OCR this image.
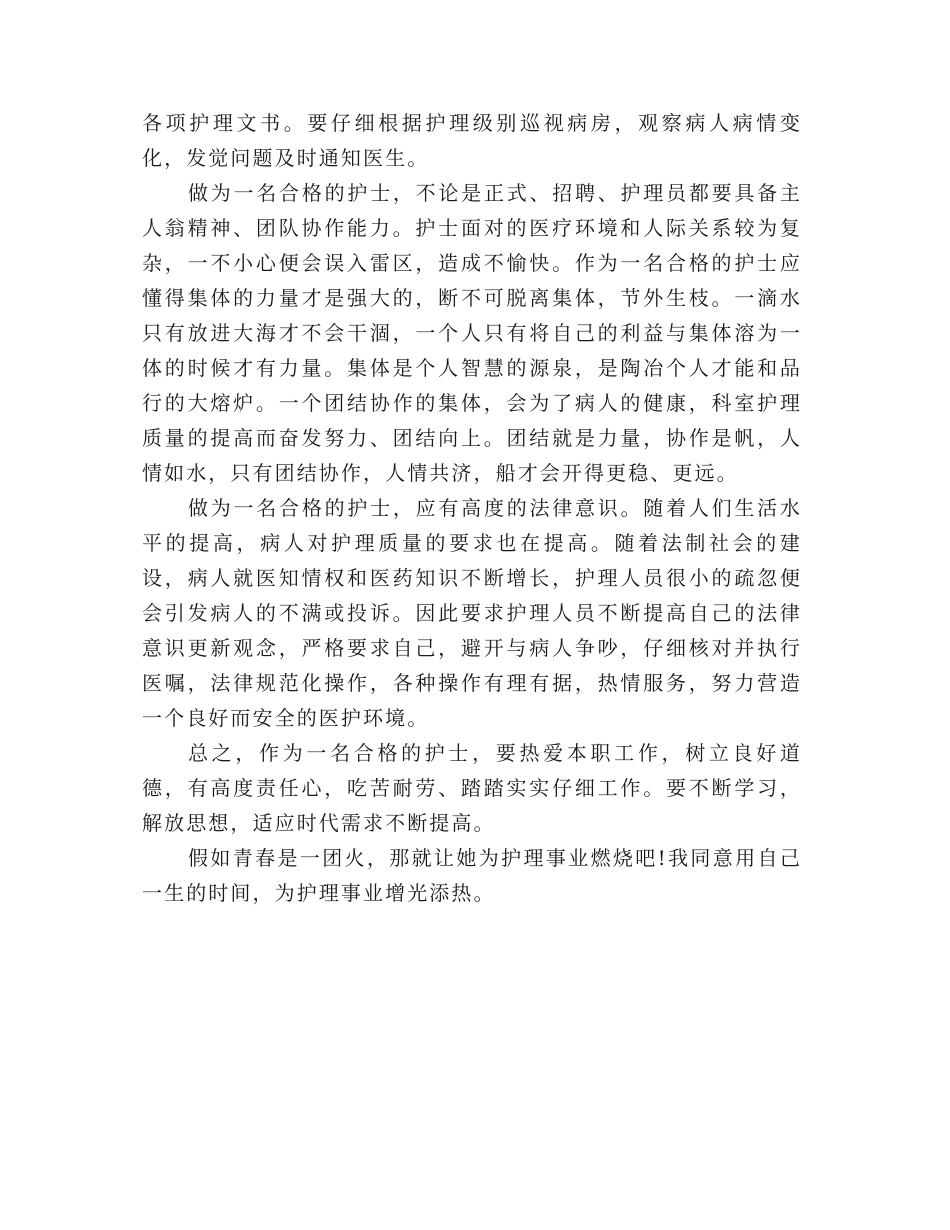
各项护理文书。要仔细根据护理级别巡视病房，观察病人病情变化，发觉问题及时通知医生。

做为一名合格的护士，不论是正式、招聘、护理员都要具备主人翁精神、团队协作能力。护士面对的医疗环境和人际关系较为复杂，一不小心便会误入雷区，造成不愉快。作为一名合格的护士应懂得集体的力量才是强大的，断不可脱离集体，节外生枝。一滴水只有放进大海才不会干涸，一个人只有将自己的利益与集体溶为一体的时候才有力量。集体是个人智慧的源泉，是陶冶个人才能和品行的大熔炉。一个团结协作的集体，会为了病人的健康，科室护理质量的提高而奋发努力、团结向上。团结就是力量，协作是帆，人情如水，只有团结协作，人情共济，船才会开得更稳、更远。

做为一名合格的护士，应有高度的法律意识。随着人们生活水平的提高，病人对护理质量的要求也在提高。随着法制社会的建设，病人就医知情权和医药知识不断增长，护理人员很小的疏忽便会引发病人的不满或投诉。因此要求护理人员不断提高自己的法律意识更新观念，严格要求自己，避开与病人争吵，仔细核对并执行医嘱，法律规范化操作，各种操作有理有据，热情服务，努力营造一个良好而安全的医护环境。

总之，作为一名合格的护士，要热爱本职工作，树立良好道德，有高度责任心，吃苦耐劳、踏踏实实仔细工作。要不断学习，解放思想，适应时代需求不断提高。

假如青春是一团火，那就让她为护理事业燃烧吧!我同意用自己一生的时间，为护理事业增光添热。
